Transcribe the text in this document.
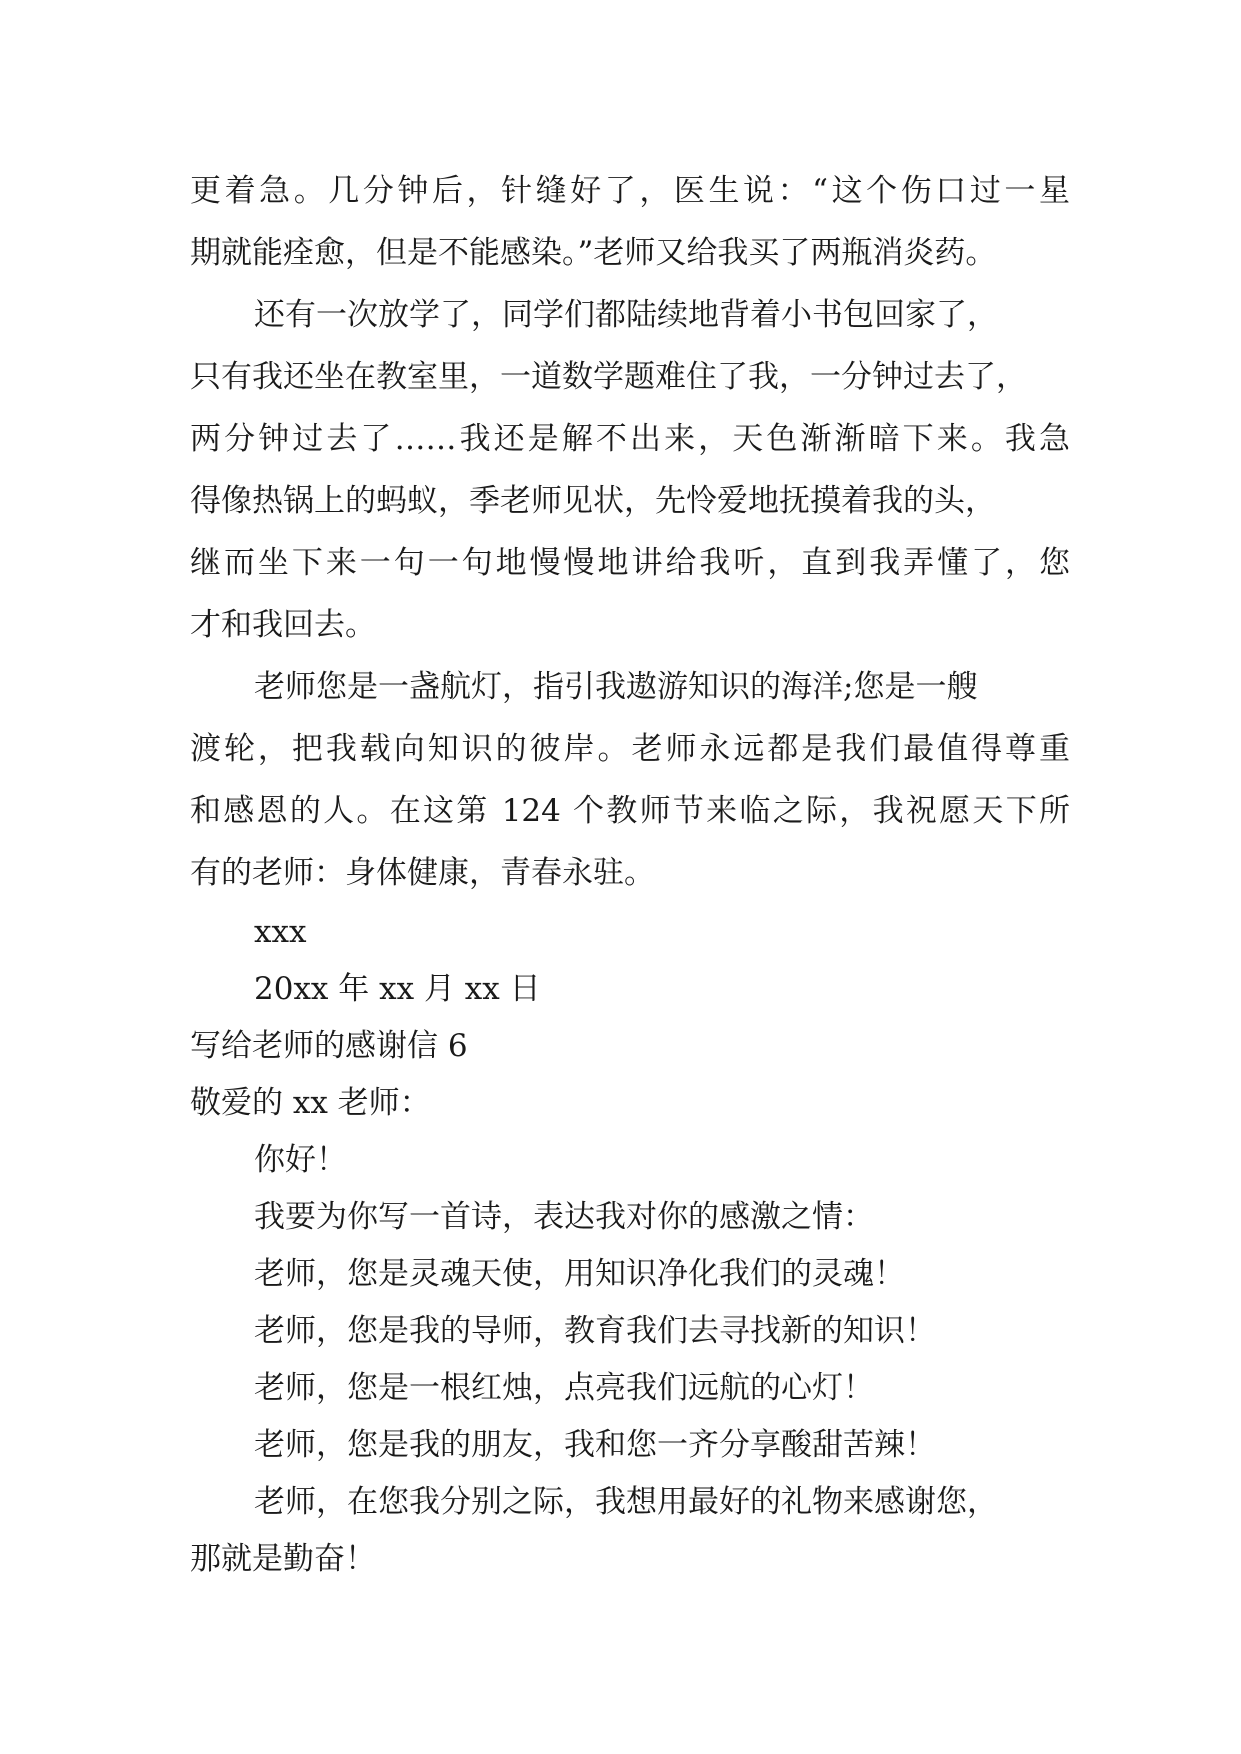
更着急。几分钟后，针缝好了，医生说：“这个伤口过一星
期就能痊愈，但是不能感染。”老师又给我买了两瓶消炎药。
还有一次放学了，同学们都陆续地背着小书包回家了，
只有我还坐在教室里，一道数学题难住了我，一分钟过去了，
两分钟过去了……我还是解不出来，天色渐渐暗下来。我急
得像热锅上的蚂蚁，季老师见状，先怜爱地抚摸着我的头，
继而坐下来一句一句地慢慢地讲给我听，直到我弄懂了，您
才和我回去。
老师您是一盏航灯，指引我遨游知识的海洋;您是一艘
渡轮，把我载向知识的彼岸。老师永远都是我们最值得尊重
和感恩的人。在这第 124 个教师节来临之际，我祝愿天下所
有的老师：身体健康，青春永驻。
xxx
20xx 年 xx 月 xx 日
写给老师的感谢信 6
敬爱的 xx 老师：
你好！
我要为你写一首诗，表达我对你的感激之情：
老师，您是灵魂天使，用知识净化我们的灵魂！
老师，您是我的导师，教育我们去寻找新的知识！
老师，您是一根红烛，点亮我们远航的心灯！
老师，您是我的朋友，我和您一齐分享酸甜苦辣！
老师，在您我分别之际，我想用最好的礼物来感谢您，
那就是勤奋！
